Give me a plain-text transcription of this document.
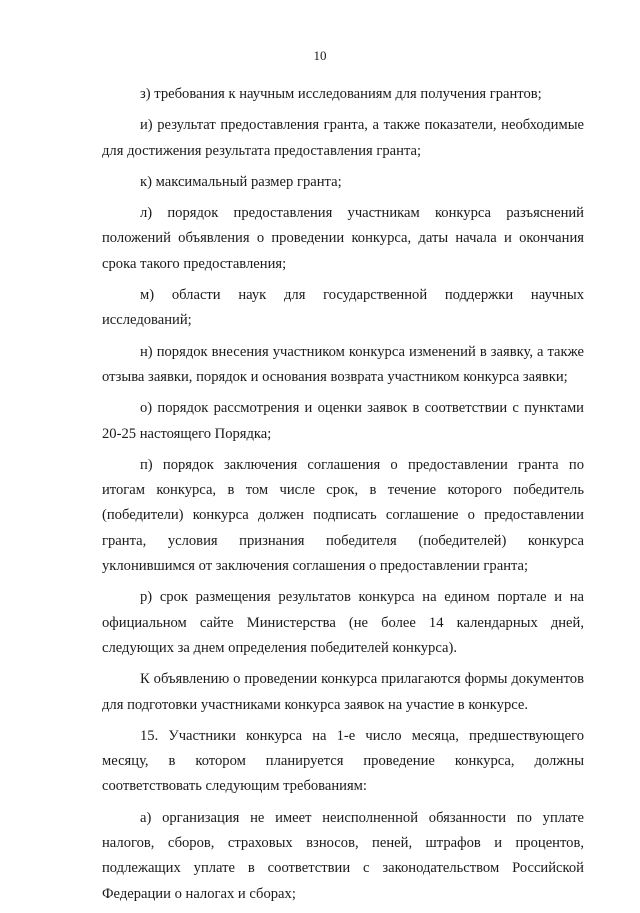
10

з) требования к научным исследованиям для получения грантов;

и) результат предоставления гранта, а также показатели, необходимые для достижения результата предоставления гранта;

к) максимальный размер гранта;

л) порядок предоставления участникам конкурса разъяснений положений объявления о проведении конкурса, даты начала и окончания срока такого предоставления;

м) области наук для государственной поддержки научных исследований;

н) порядок внесения участником конкурса изменений в заявку, а также отзыва заявки, порядок и основания возврата участником конкурса заявки;

о) порядок рассмотрения и оценки заявок в соответствии с пунктами 20-25 настоящего Порядка;

п) порядок заключения соглашения о предоставлении гранта по итогам конкурса, в том числе срок, в течение которого победитель (победители) конкурса должен подписать соглашение о предоставлении гранта, условия признания победителя (победителей) конкурса уклонившимся от заключения соглашения о предоставлении гранта;

р) срок размещения результатов конкурса на едином портале и на официальном сайте Министерства (не более 14 календарных дней, следующих за днем определения победителей конкурса).

К объявлению о проведении конкурса прилагаются формы документов для подготовки участниками конкурса заявок на участие в конкурсе.

15. Участники конкурса на 1-е число месяца, предшествующего месяцу, в котором планируется проведение конкурса, должны соответствовать следующим требованиям:

а) организация не имеет неисполненной обязанности по уплате налогов, сборов, страховых взносов, пеней, штрафов и процентов, подлежащих уплате в соответствии с законодательством Российской Федерации о налогах и сборах;
